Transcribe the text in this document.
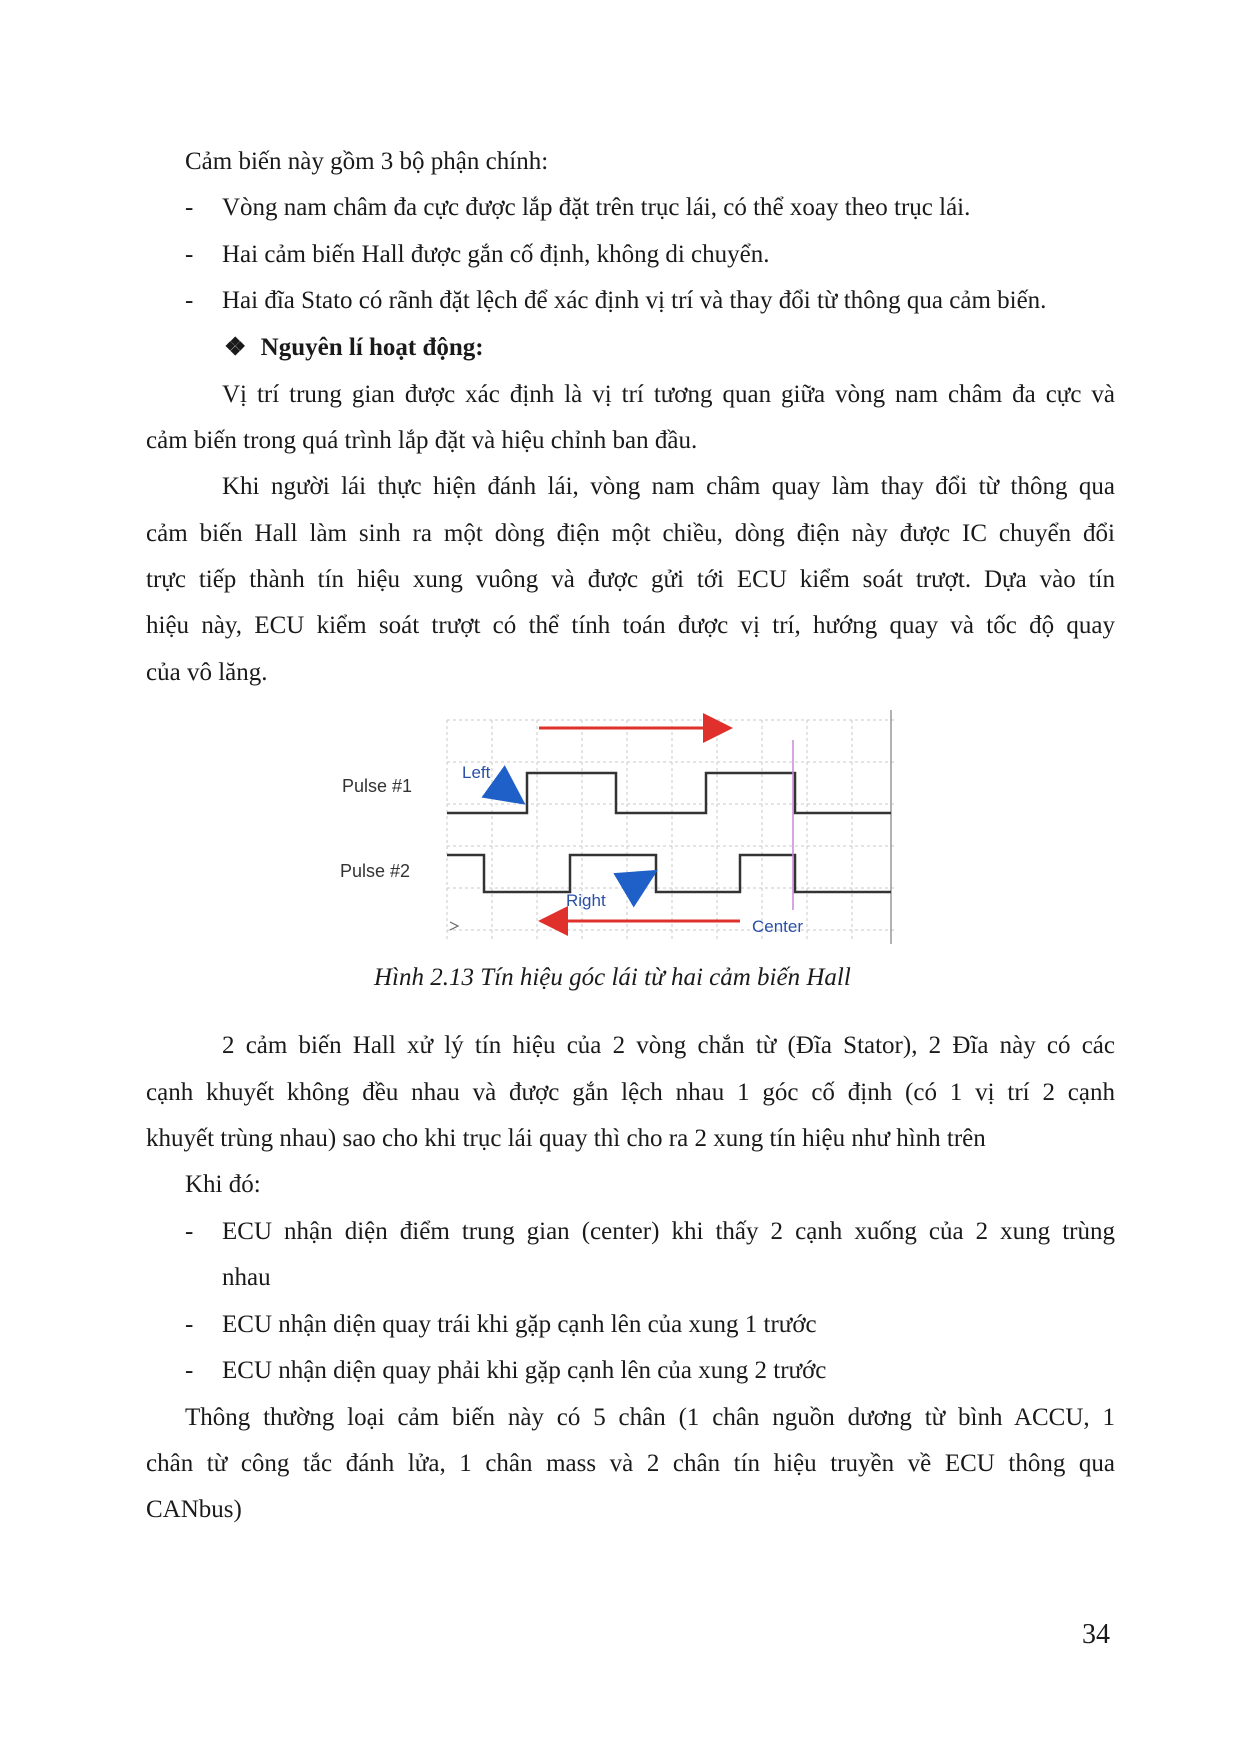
Cảm biến này gồm 3 bộ phận chính:
- Vòng nam châm đa cực được lắp đặt trên trục lái, có thể xoay theo trục lái.
- Hai cảm biến Hall được gắn cố định, không di chuyển.
- Hai đĩa Stato có rãnh đặt lệch để xác định vị trí và thay đổi từ thông qua cảm biến.
❖ Nguyên lí hoạt động:
Vị trí trung gian được xác định là vị trí tương quan giữa vòng nam châm đa cực và
cảm biến trong quá trình lắp đặt và hiệu chỉnh ban đầu.
Khi người lái thực hiện đánh lái, vòng nam châm quay làm thay đổi từ thông qua
cảm biến Hall làm sinh ra một dòng điện một chiều, dòng điện này được IC chuyển đổi
trực tiếp thành tín hiệu xung vuông và được gửi tới ECU kiểm soát trượt. Dựa vào tín
hiệu này, ECU kiểm soát trượt có thể tính toán được vị trí, hướng quay và tốc độ quay
của vô lăng.
Pulse #1
Pulse #2
Left
Right
Center
Hình 2.13 Tín hiệu góc lái từ hai cảm biến Hall
2 cảm biến Hall xử lý tín hiệu của 2 vòng chắn từ (Đĩa Stator), 2 Đĩa này có các
cạnh khuyết không đều nhau và được gắn lệch nhau 1 góc cố định (có 1 vị trí 2 cạnh
khuyết trùng nhau) sao cho khi trục lái quay thì cho ra 2 xung tín hiệu như hình trên
Khi đó:
- ECU nhận diện điểm trung gian (center) khi thấy 2 cạnh xuống của 2 xung trùng
nhau
- ECU nhận diện quay trái khi gặp cạnh lên của xung 1 trước
- ECU nhận diện quay phải khi gặp cạnh lên của xung 2 trước
Thông thường loại cảm biến này có 5 chân (1 chân nguồn dương từ bình ACCU, 1
chân từ công tắc đánh lửa, 1 chân mass và 2 chân tín hiệu truyền về ECU thông qua
CANbus)
34
